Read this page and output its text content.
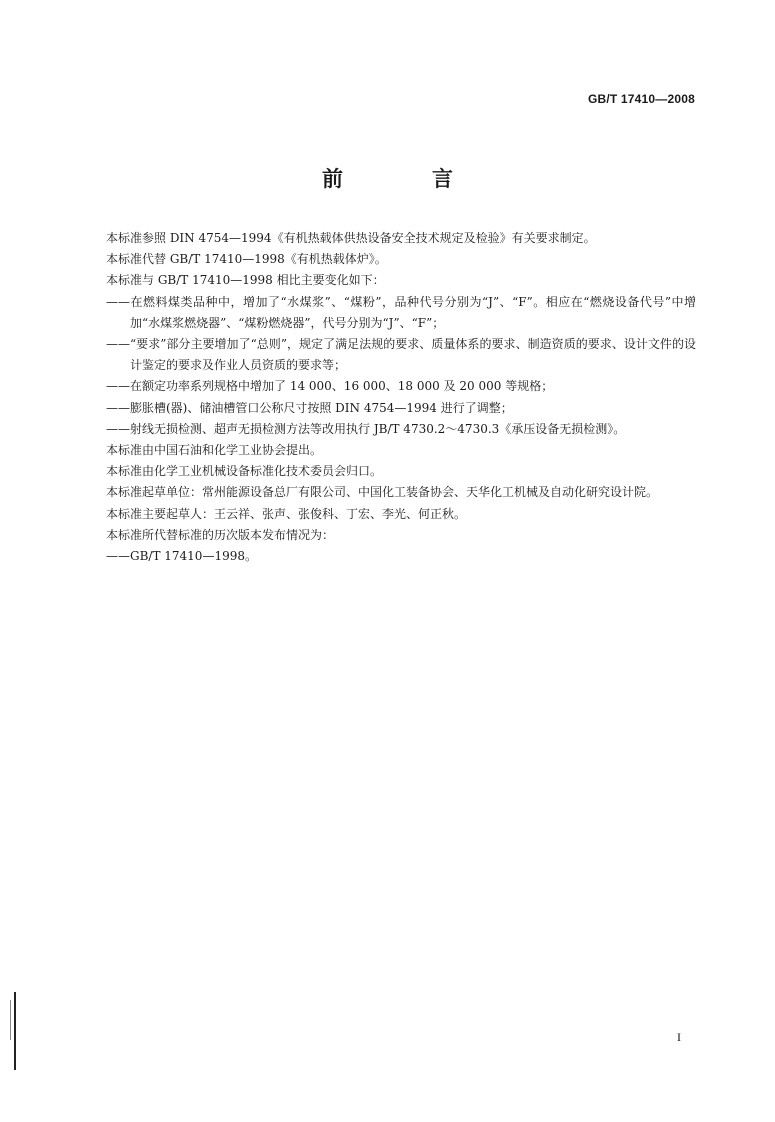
GB/T 17410—2008
前　言

本标准参照 DIN 4754—1994《有机热载体供热设备安全技术规定及检验》有关要求制定。

本标准代替 GB/T 17410—1998《有机热载体炉》。

本标准与 GB/T 17410—1998 相比主要变化如下：

——在燃料煤类品种中，增加了“水煤浆”、“煤粉”，品种代号分别为“J”、“F”。相应在“燃烧设备代号”中增加“水煤浆燃烧器”、“煤粉燃烧器”，代号分别为“J”、“F”；

——“要求”部分主要增加了“总则”，规定了满足法规的要求、质量体系的要求、制造资质的要求、设计文件的设计鉴定的要求及作业人员资质的要求等；

——在额定功率系列规格中增加了 14 000、16 000、18 000 及 20 000 等规格；

——膨胀槽(器)、储油槽管口公称尺寸按照 DIN 4754—1994 进行了调整；

——射线无损检测、超声无损检测方法等改用执行 JB/T 4730.2～4730.3《承压设备无损检测》。

本标准由中国石油和化学工业协会提出。

本标准由化学工业机械设备标准化技术委员会归口。

本标准起草单位：常州能源设备总厂有限公司、中国化工装备协会、天华化工机械及自动化研究设计院。

本标准主要起草人：王云祥、张声、张俊科、丁宏、李光、何正秋。

本标准所代替标准的历次版本发布情况为：

——GB/T 17410—1998。

I
